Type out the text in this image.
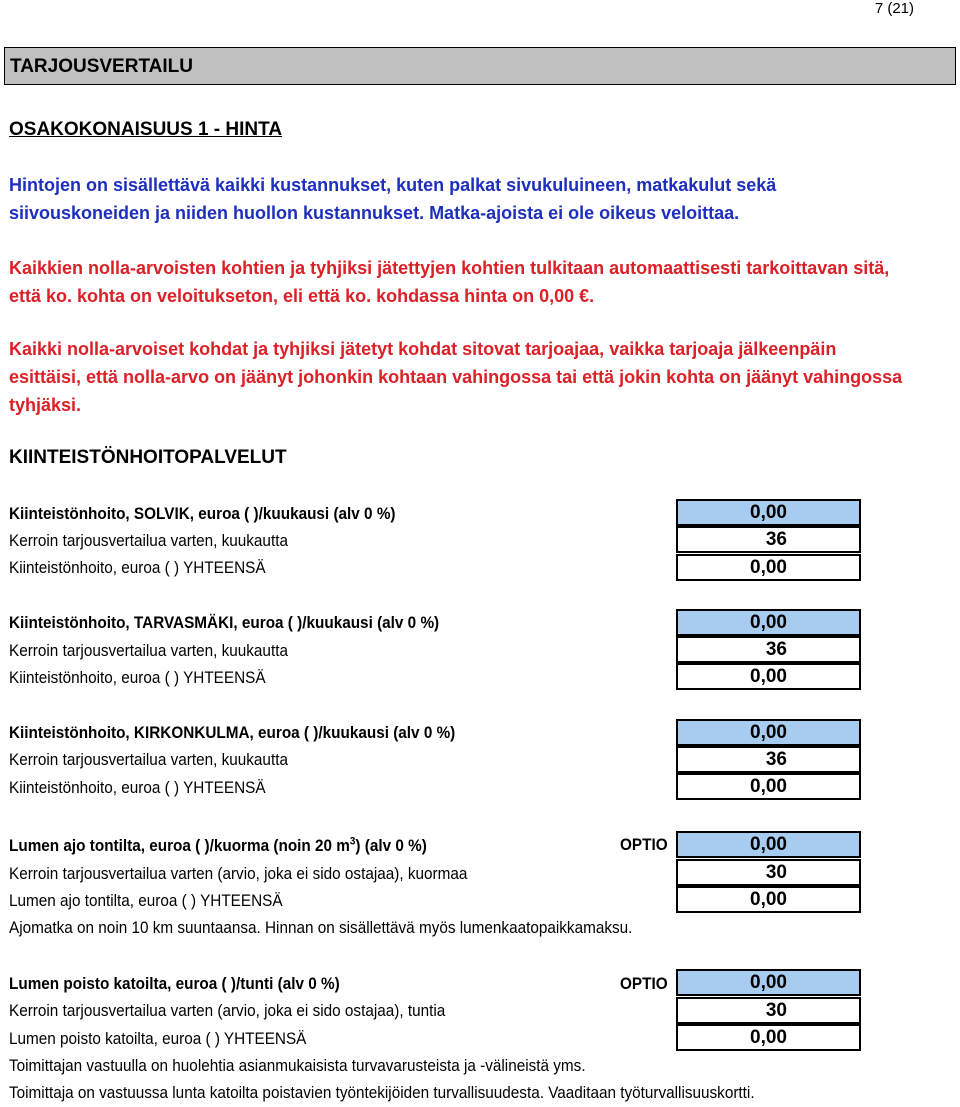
7 (21)
TARJOUSVERTAILU
OSAKOKONAISUUS 1 - HINTA
Hintojen on sisällettävä kaikki kustannukset, kuten palkat sivukuluineen, matkakulut sekä siivouskoneiden ja niiden huollon kustannukset. Matka-ajoista ei ole oikeus veloittaa.
Kaikkien nolla-arvoisten kohtien ja tyhjiksi jätettyjen kohtien tulkitaan automaattisesti tarkoittavan sitä, että ko. kohta on veloitukseton, eli että ko. kohdassa hinta on 0,00 €.
Kaikki nolla-arvoiset kohdat ja tyhjiksi jätetyt kohdat sitovat tarjoajaa, vaikka tarjoaja jälkeenpäin esittäisi, että nolla-arvo on jäänyt johonkin kohtaan vahingossa tai että jokin kohta on jäänyt vahingossa tyhjäksi.
KIINTEISTÖNHOITOPALVELUT
Kiinteistönhoito, SOLVIK, euroa ( )/kuukausi (alv 0 %)	0,00
Kerroin tarjousvertailua varten, kuukautta	36
Kiinteistönhoito, euroa ( ) YHTEENSÄ	0,00
Kiinteistönhoito, TARVASMÄKI, euroa ( )/kuukausi (alv 0 %)	0,00
Kerroin tarjousvertailua varten, kuukautta	36
Kiinteistönhoito, euroa ( ) YHTEENSÄ	0,00
Kiinteistönhoito, KIRKONKULMA, euroa ( )/kuukausi (alv 0 %)	0,00
Kerroin tarjousvertailua varten, kuukautta	36
Kiinteistönhoito, euroa ( ) YHTEENSÄ	0,00
Lumen ajo tontilta, euroa ( )/kuorma (noin 20 $m^3$) (alv 0 %)	OPTIO	0,00
Kerroin tarjousvertailua varten (arvio, joka ei sido ostajaa), kuormaa	30
Lumen ajo tontilta, euroa ( ) YHTEENSÄ	0,00
Ajomatka on noin 10 km suuntaansa. Hinnan on sisällettävä myös lumenkaatopaikkamaksu.
Lumen poisto katoilta, euroa ( )/tunti (alv 0 %)	OPTIO	0,00
Kerroin tarjousvertailua varten (arvio, joka ei sido ostajaa), tuntia	30
Lumen poisto katoilta, euroa ( ) YHTEENSÄ	0,00
Toimittajan vastuulla on huolehtia asianmukaisista turvavarusteista ja -välineistä yms.
Toimittaja on vastuussa lunta katoilta poistavien työntekijöiden turvallisuudesta. Vaaditaan työturvallisuuskortti.
